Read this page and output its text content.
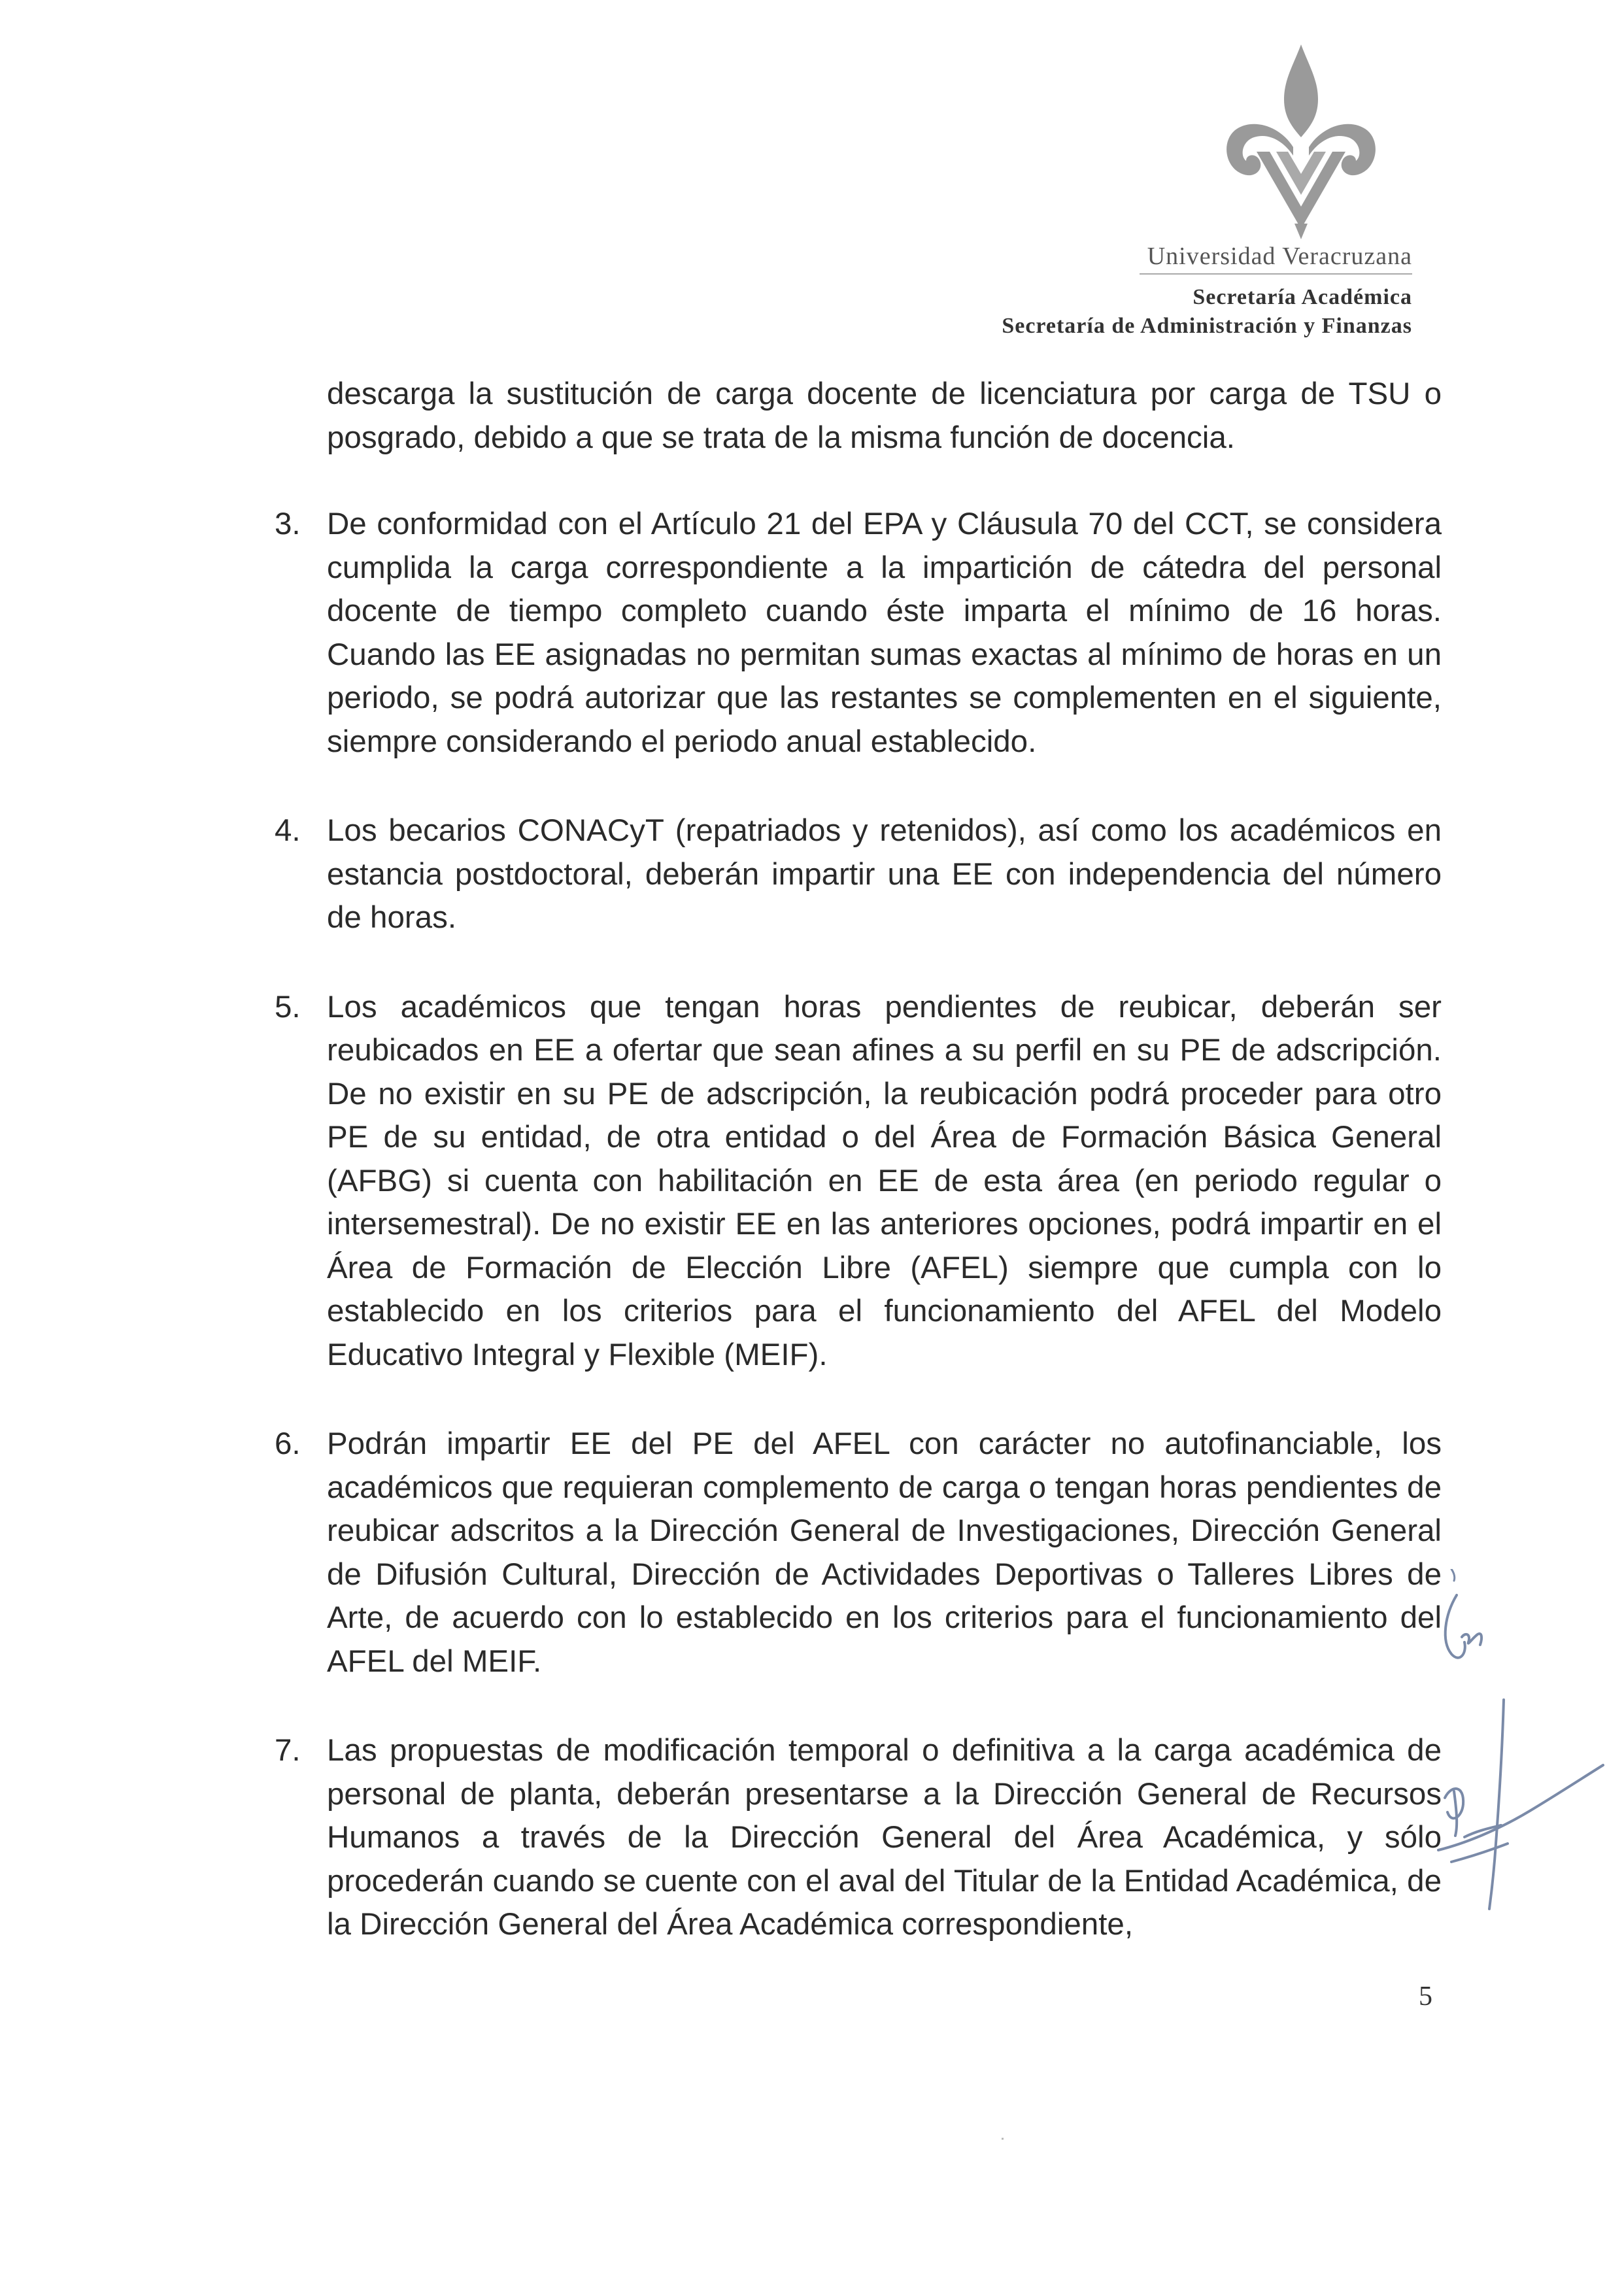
Universidad Veracruzana
Secretaría Académica
Secretaría de Administración y Finanzas

descarga la sustitución de carga docente de licenciatura por carga de TSU o posgrado, debido a que se trata de la misma función de docencia.

3. De conformidad con el Artículo 21 del EPA y Cláusula 70 del CCT, se considera cumplida la carga correspondiente a la impartición de cátedra del personal docente de tiempo completo cuando éste imparta el mínimo de 16 horas. Cuando las EE asignadas no permitan sumas exactas al mínimo de horas en un periodo, se podrá autorizar que las restantes se complementen en el siguiente, siempre considerando el periodo anual establecido.

4. Los becarios CONACyT (repatriados y retenidos), así como los académicos en estancia postdoctoral, deberán impartir una EE con independencia del número de horas.

5. Los académicos que tengan horas pendientes de reubicar, deberán ser reubicados en EE a ofertar que sean afines a su perfil en su PE de adscripción. De no existir en su PE de adscripción, la reubicación podrá proceder para otro PE de su entidad, de otra entidad o del Área de Formación Básica General (AFBG) si cuenta con habilitación en EE de esta área (en periodo regular o intersemestral). De no existir EE en las anteriores opciones, podrá impartir en el Área de Formación de Elección Libre (AFEL) siempre que cumpla con lo establecido en los criterios para el funcionamiento del AFEL del Modelo Educativo Integral y Flexible (MEIF).

6. Podrán impartir EE del PE del AFEL con carácter no autofinanciable, los académicos que requieran complemento de carga o tengan horas pendientes de reubicar adscritos a la Dirección General de Investigaciones, Dirección General de Difusión Cultural, Dirección de Actividades Deportivas o Talleres Libres de Arte, de acuerdo con lo establecido en los criterios para el funcionamiento del AFEL del MEIF.

7. Las propuestas de modificación temporal o definitiva a la carga académica de personal de planta, deberán presentarse a la Dirección General de Recursos Humanos a través de la Dirección General del Área Académica, y sólo procederán cuando se cuente con el aval del Titular de la Entidad Académica, de la Dirección General del Área Académica correspondiente,

5
